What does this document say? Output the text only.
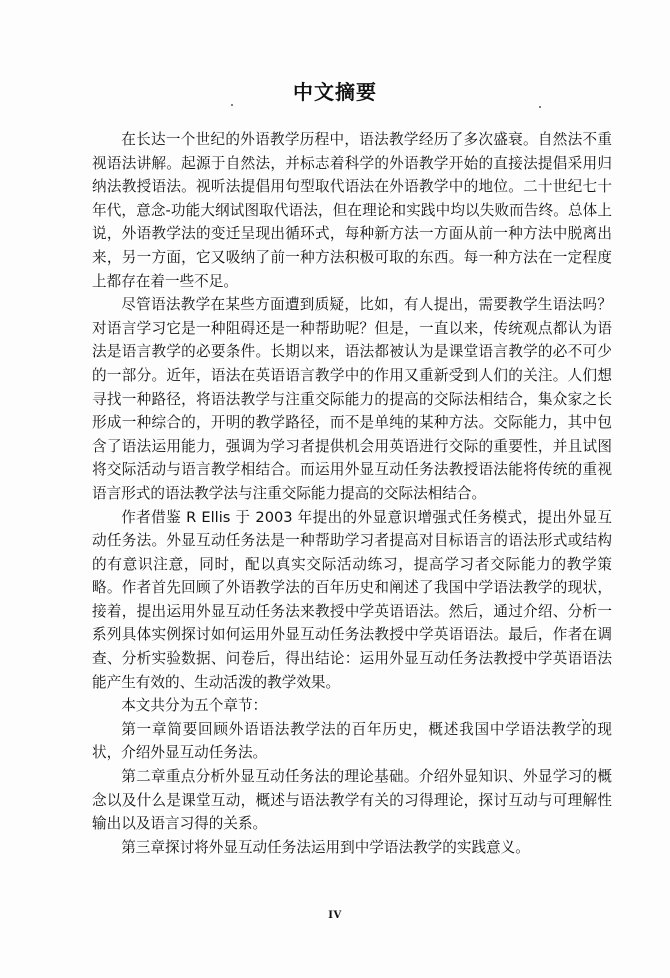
中文摘要

在长达一个世纪的外语教学历程中，语法教学经历了多次盛衰。自然法不重视语法讲解。起源于自然法，并标志着科学的外语教学开始的直接法提倡采用归纳法教授语法。视听法提倡用句型取代语法在外语教学中的地位。二十世纪七十年代，意念-功能大纲试图取代语法，但在理论和实践中均以失败而告终。总体上说，外语教学法的变迁呈现出循环式，每种新方法一方面从前一种方法中脱离出来，另一方面，它又吸纳了前一种方法积极可取的东西。每一种方法在一定程度上都存在着一些不足。

尽管语法教学在某些方面遭到质疑，比如，有人提出，需要教学生语法吗？对语言学习它是一种阻碍还是一种帮助呢？但是，一直以来，传统观点都认为语法是语言教学的必要条件。长期以来，语法都被认为是课堂语言教学的必不可少的一部分。近年，语法在英语语言教学中的作用又重新受到人们的关注。人们想寻找一种路径，将语法教学与注重交际能力的提高的交际法相结合，集众家之长形成一种综合的，开明的教学路径，而不是单纯的某种方法。交际能力，其中包含了语法运用能力，强调为学习者提供机会用英语进行交际的重要性，并且试图将交际活动与语言教学相结合。而运用外显互动任务法教授语法能将传统的重视语言形式的语法教学法与注重交际能力提高的交际法相结合。

作者借鉴 R Ellis 于 2003 年提出的外显意识增强式任务模式，提出外显互动任务法。外显互动任务法是一种帮助学习者提高对目标语言的语法形式或结构的有意识注意，同时，配以真实交际活动练习，提高学习者交际能力的教学策略。作者首先回顾了外语教学法的百年历史和阐述了我国中学语法教学的现状，接着，提出运用外显互动任务法来教授中学英语语法。然后，通过介绍、分析一系列具体实例探讨如何运用外显互动任务法教授中学英语语法。最后，作者在调查、分析实验数据、问卷后，得出结论：运用外显互动任务法教授中学英语语法能产生有效的、生动活泼的教学效果。

本文共分为五个章节：

第一章简要回顾外语语法教学法的百年历史，概述我国中学语法教学的现状，介绍外显互动任务法。

第二章重点分析外显互动任务法的理论基础。介绍外显知识、外显学习的概念以及什么是课堂互动，概述与语法教学有关的习得理论，探讨互动与可理解性输出以及语言习得的关系。

第三章探讨将外显互动任务法运用到中学语法教学的实践意义。

IV
